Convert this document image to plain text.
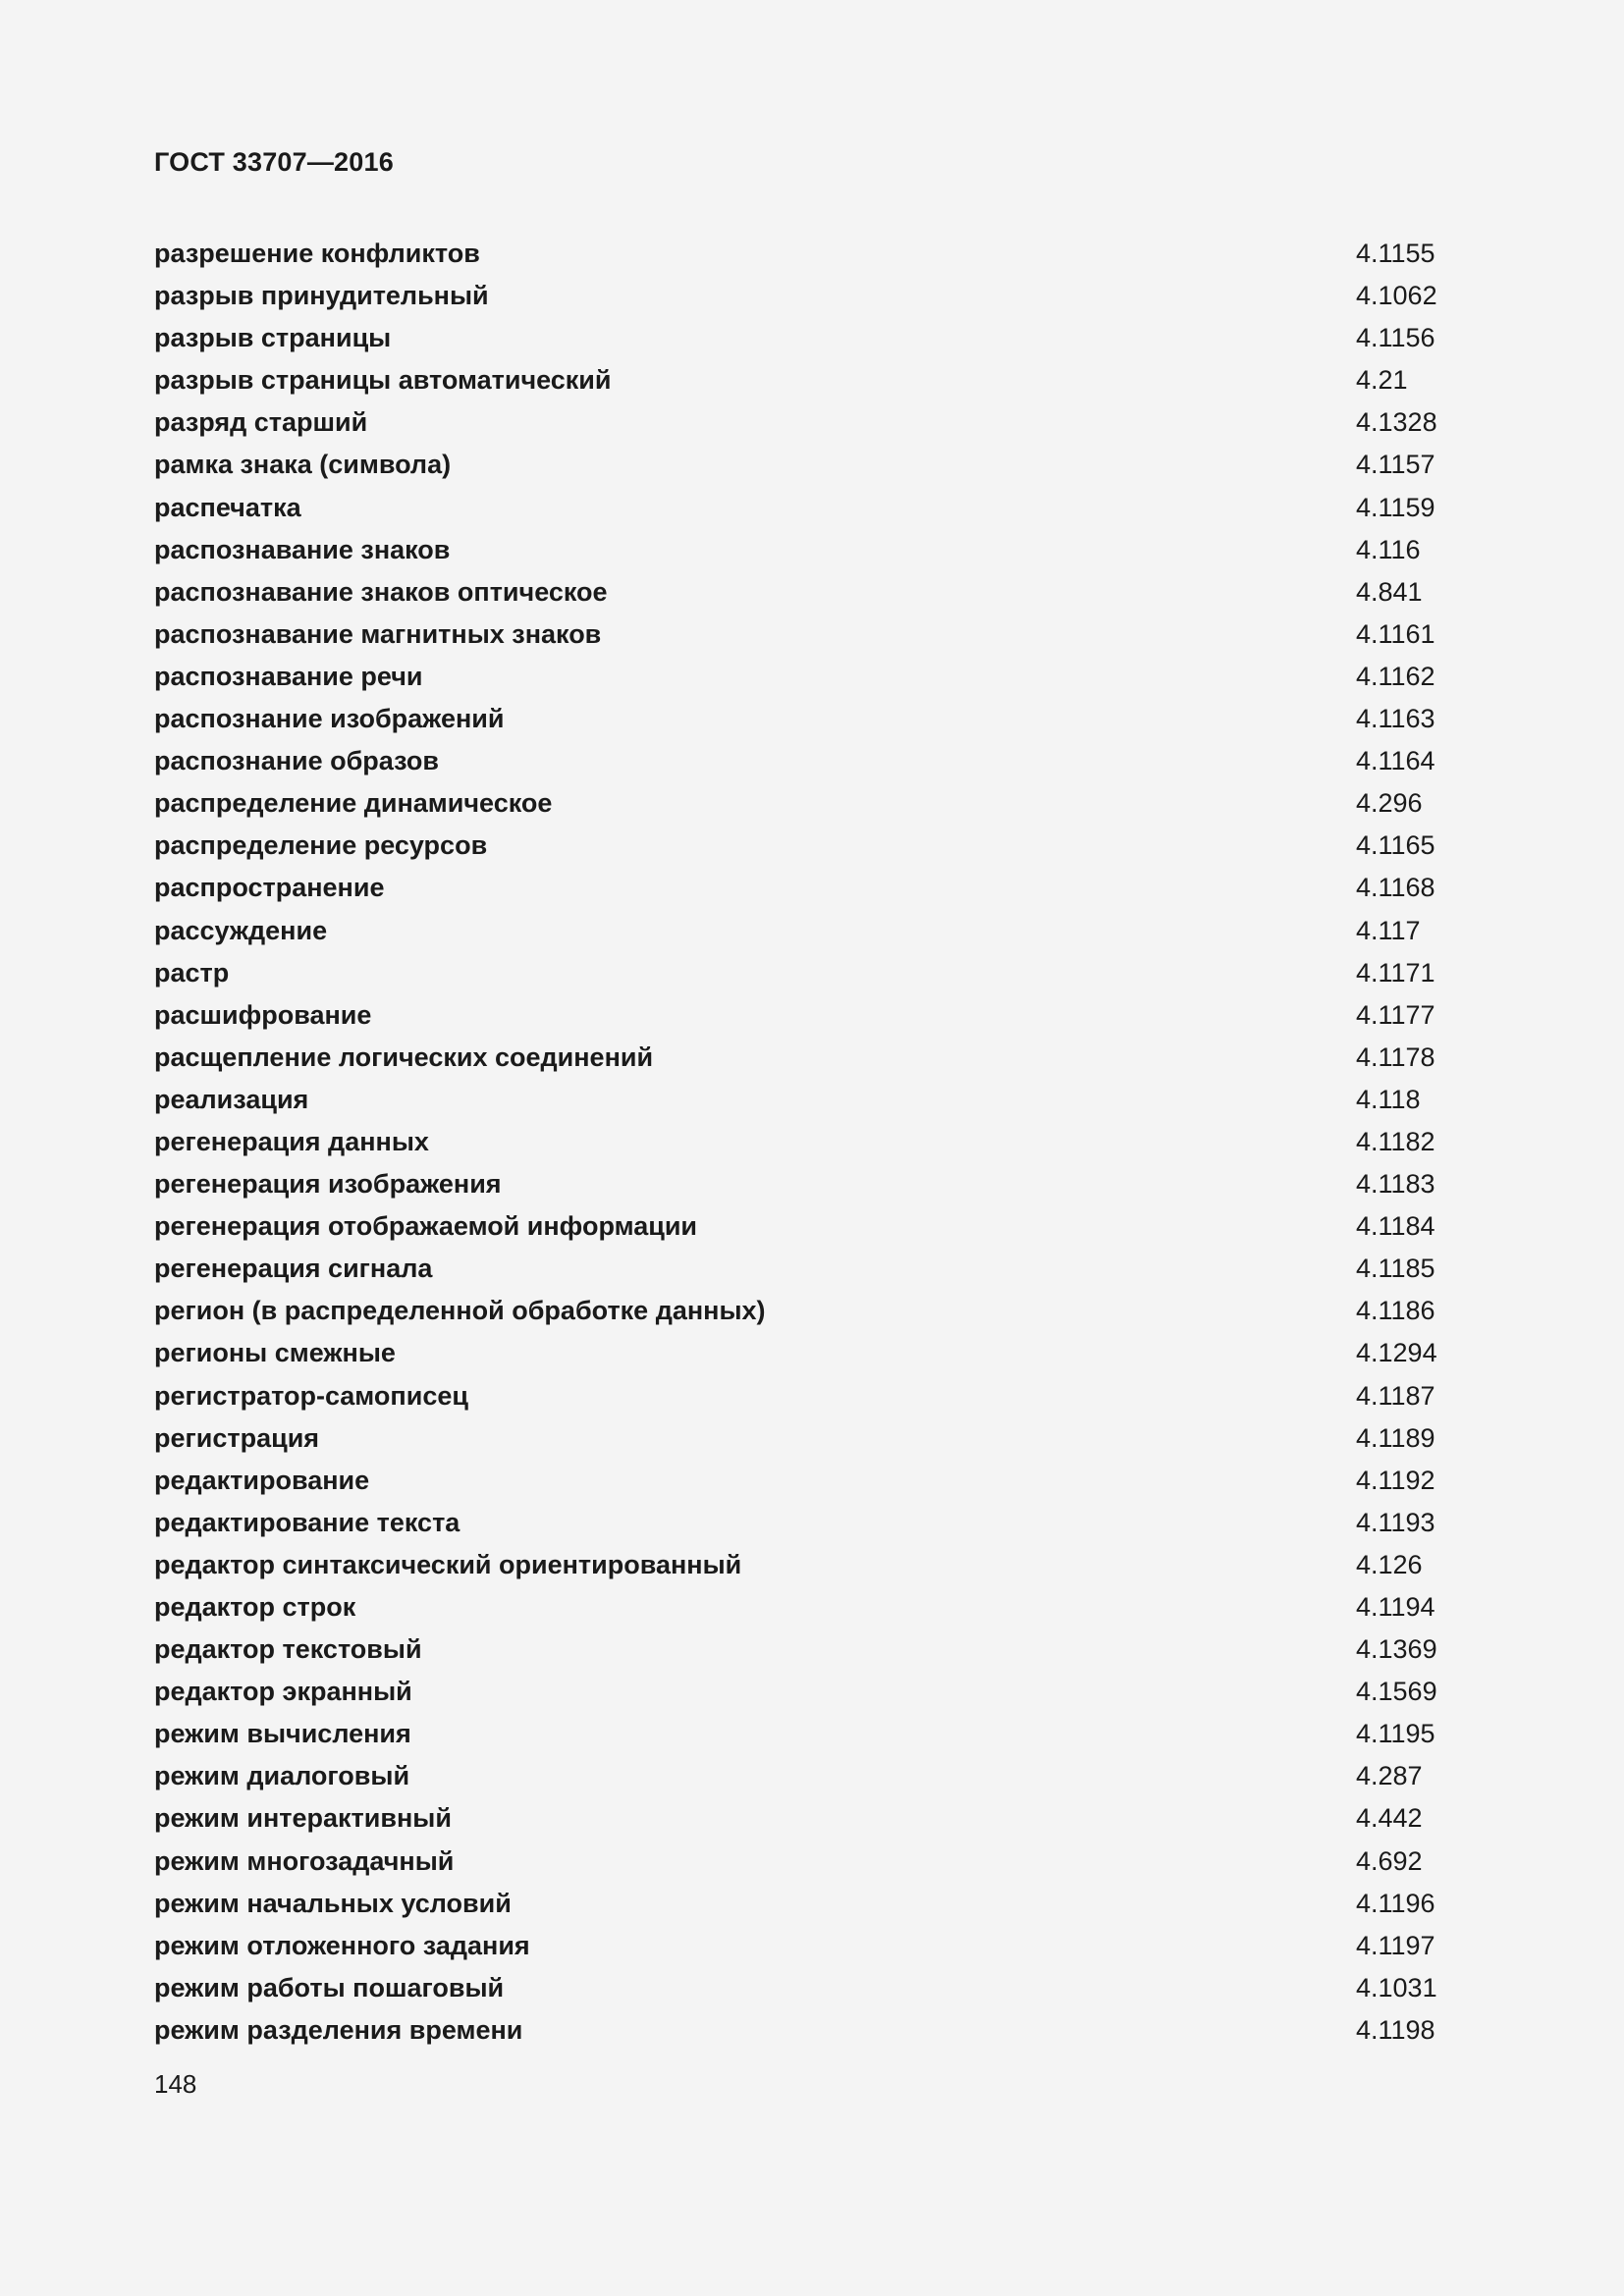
ГОСТ 33707—2016
разрешение конфликтов	4.1155
разрыв принудительный	4.1062
разрыв страницы	4.1156
разрыв страницы автоматический	4.21
разряд старший	4.1328
рамка знака (символа)	4.1157
распечатка	4.1159
распознавание знаков	4.116
распознавание знаков оптическое	4.841
распознавание магнитных знаков	4.1161
распознавание речи	4.1162
распознание изображений	4.1163
распознание образов	4.1164
распределение динамическое	4.296
распределение ресурсов	4.1165
распространение	4.1168
рассуждение	4.117
растр	4.1171
расшифрование	4.1177
расщепление логических соединений	4.1178
реализация	4.118
регенерация данных	4.1182
регенерация изображения	4.1183
регенерация отображаемой информации	4.1184
регенерация сигнала	4.1185
регион (в распределенной обработке данных)	4.1186
регионы смежные	4.1294
регистратор-самописец	4.1187
регистрация	4.1189
редактирование	4.1192
редактирование текста	4.1193
редактор синтаксический ориентированный	4.126
редактор строк	4.1194
редактор текстовый	4.1369
редактор экранный	4.1569
режим вычисления	4.1195
режим диалоговый	4.287
режим интерактивный	4.442
режим многозадачный	4.692
режим начальных условий	4.1196
режим отложенного задания	4.1197
режим работы пошаговый	4.1031
режим разделения времени	4.1198
148
